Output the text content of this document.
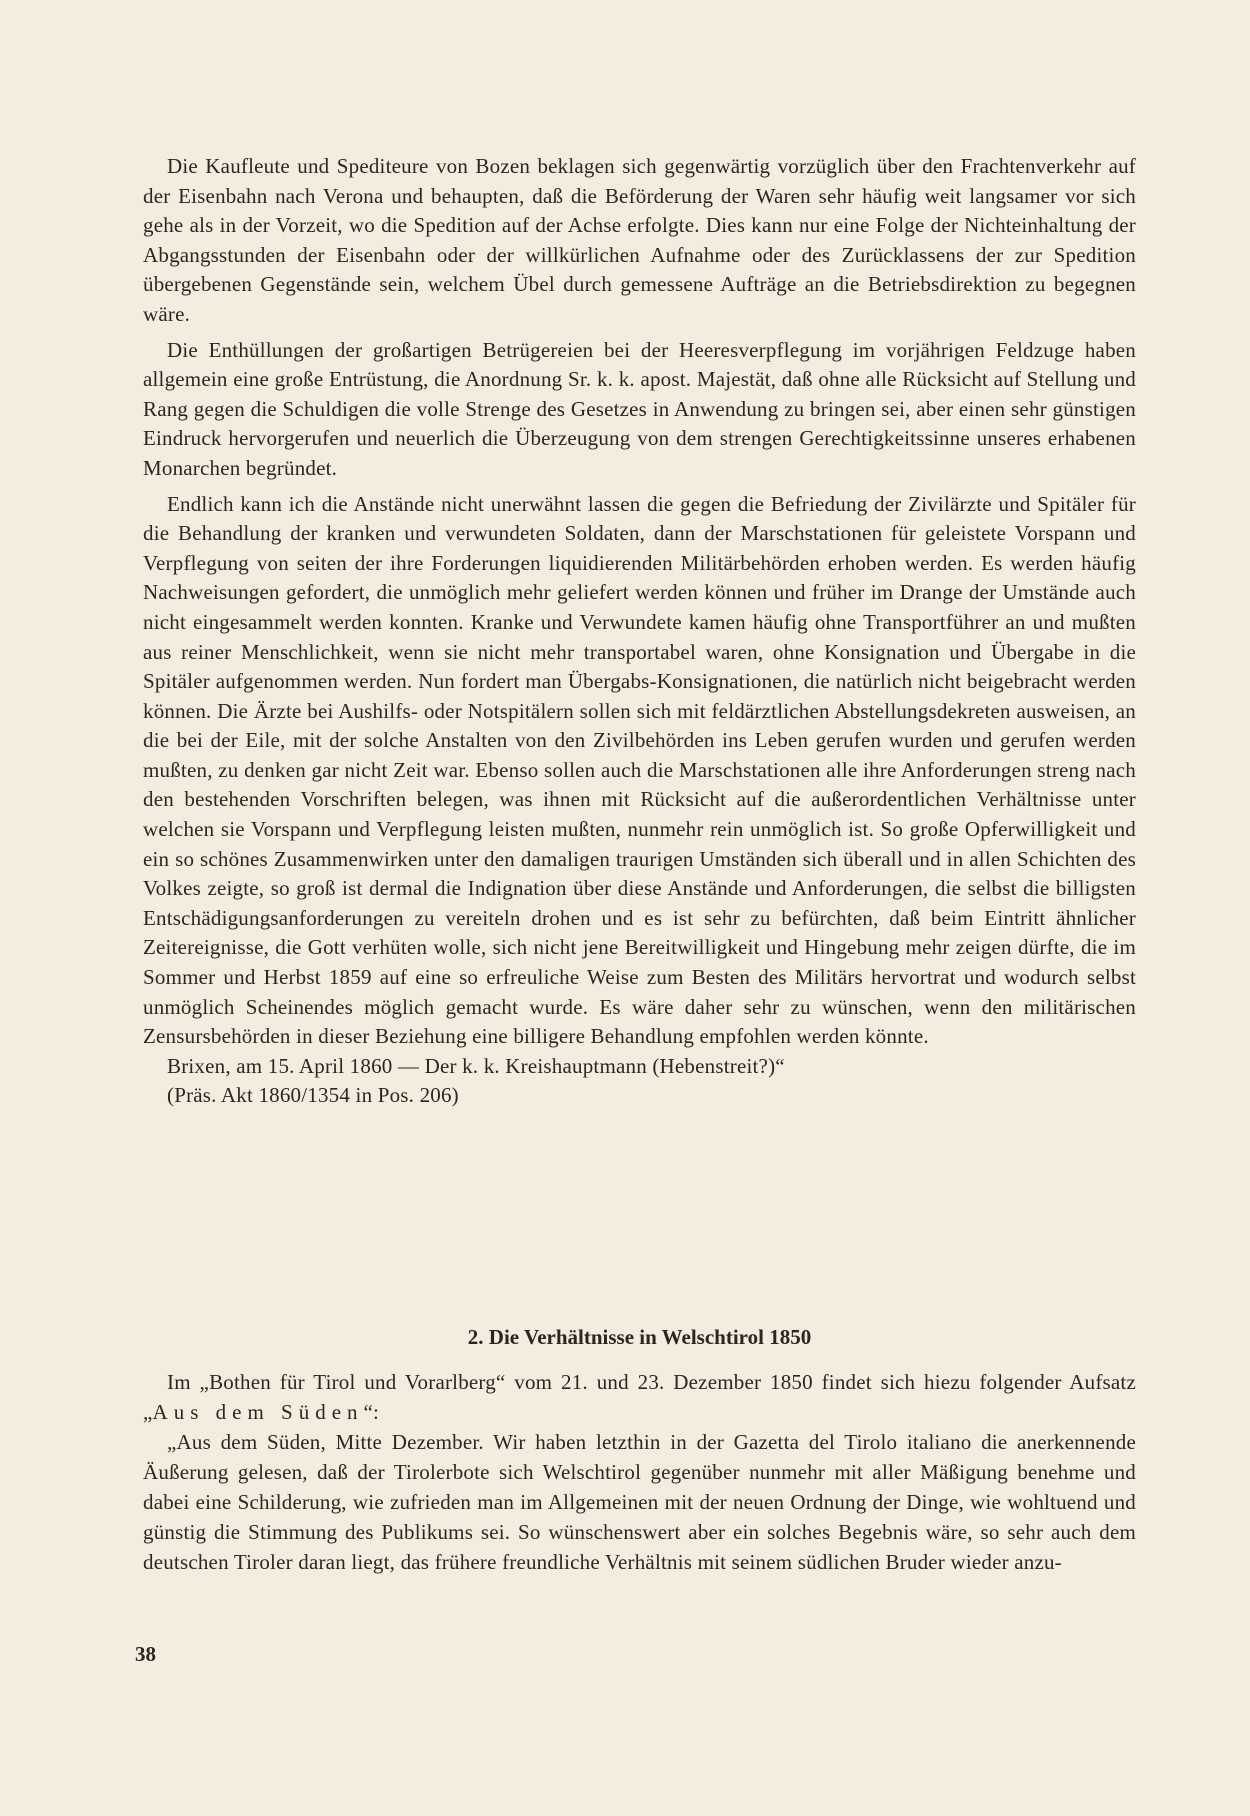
Die Kaufleute und Spediteure von Bozen beklagen sich gegenwärtig vorzüglich über den Frachtenverkehr auf der Eisenbahn nach Verona und behaupten, daß die Beförderung der Waren sehr häufig weit langsamer vor sich gehe als in der Vorzeit, wo die Spedition auf der Achse erfolgte. Dies kann nur eine Folge der Nichteinhaltung der Abgangsstunden der Eisenbahn oder der willkürlichen Aufnahme oder des Zurücklassens der zur Spedition übergebenen Gegenstände sein, welchem Übel durch gemessene Aufträge an die Betriebsdirektion zu begegnen wäre.

Die Enthüllungen der großartigen Betrügereien bei der Heeresverpflegung im vorjährigen Feldzuge haben allgemein eine große Entrüstung, die Anordnung Sr. k. k. apost. Majestät, daß ohne alle Rücksicht auf Stellung und Rang gegen die Schuldigen die volle Strenge des Gesetzes in Anwendung zu bringen sei, aber einen sehr günstigen Eindruck hervorgerufen und neuerlich die Überzeugung von dem strengen Gerechtigkeitssinne unseres erhabenen Monarchen begründet.

Endlich kann ich die Anstände nicht unerwähnt lassen die gegen die Befriedung der Zivilärzte und Spitäler für die Behandlung der kranken und verwundeten Soldaten, dann der Marschstationen für geleistete Vorspann und Verpflegung von seiten der ihre Forderungen liquidierenden Militärbehörden erhoben werden. Es werden häufig Nachweisungen gefordert, die unmöglich mehr geliefert werden können und früher im Drange der Umstände auch nicht eingesammelt werden konnten. Kranke und Verwundete kamen häufig ohne Transportführer an und mußten aus reiner Menschlichkeit, wenn sie nicht mehr transportabel waren, ohne Konsignation und Übergabe in die Spitäler aufgenommen werden. Nun fordert man Übergabs-Konsignationen, die natürlich nicht beigebracht werden können. Die Ärzte bei Aushilfs- oder Notspitälern sollen sich mit feldärztlichen Abstellungsdekreten ausweisen, an die bei der Eile, mit der solche Anstalten von den Zivilbehörden ins Leben gerufen wurden und gerufen werden mußten, zu denken gar nicht Zeit war. Ebenso sollen auch die Marschstationen alle ihre Anforderungen streng nach den bestehenden Vorschriften belegen, was ihnen mit Rücksicht auf die außerordentlichen Verhältnisse unter welchen sie Vorspann und Verpflegung leisten mußten, nunmehr rein unmöglich ist. So große Opferwilligkeit und ein so schönes Zusammenwirken unter den damaligen traurigen Umständen sich überall und in allen Schichten des Volkes zeigte, so groß ist dermal die Indignation über diese Anstände und Anforderungen, die selbst die billigsten Entschädigungsanforderungen zu vereiteln drohen und es ist sehr zu befürchten, daß beim Eintritt ähnlicher Zeitereignisse, die Gott verhüten wolle, sich nicht jene Bereitwilligkeit und Hingebung mehr zeigen dürfte, die im Sommer und Herbst 1859 auf eine so erfreuliche Weise zum Besten des Militärs hervortrat und wodurch selbst unmöglich Scheinendes möglich gemacht wurde. Es wäre daher sehr zu wünschen, wenn den militärischen Zensursbehörden in dieser Beziehung eine billigere Behandlung empfohlen werden könnte.

Brixen, am 15. April 1860 — Der k. k. Kreishauptmann (Hebenstreit?)“
(Präs. Akt 1860/1354 in Pos. 206)
2. Die Verhältnisse in Welschtirol 1850

Im „Bothen für Tirol und Vorarlberg“ vom 21. und 23. Dezember 1850 findet sich hiezu folgender Aufsatz „Aus dem Süden“:

„Aus dem Süden, Mitte Dezember. Wir haben letzthin in der Gazetta del Tirolo italiano die anerkennende Äußerung gelesen, daß der Tirolerbote sich Welschtirol gegenüber nunmehr mit aller Mäßigung benehme und dabei eine Schilderung, wie zufrieden man im Allgemeinen mit der neuen Ordnung der Dinge, wie wohltuend und günstig die Stimmung des Publikums sei. So wünschenswert aber ein solches Begebnis wäre, so sehr auch dem deutschen Tiroler daran liegt, das frühere freundliche Verhältnis mit seinem südlichen Bruder wieder anzu-

38
